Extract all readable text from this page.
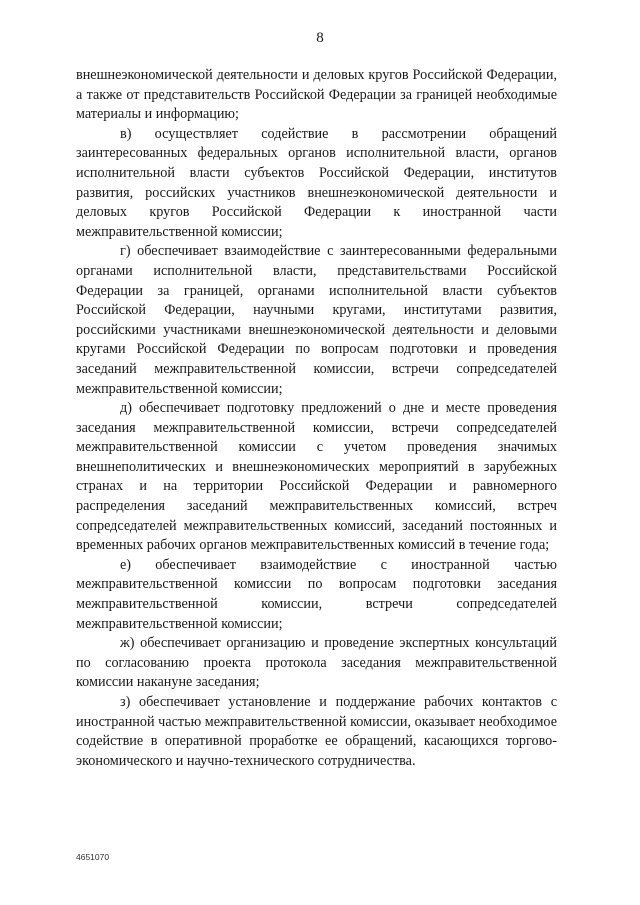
8

внешнеэкономической деятельности и деловых кругов Российской Федерации, а также от представительств Российской Федерации за границей необходимые материалы и информацию;

в) осуществляет содействие в рассмотрении обращений заинтересованных федеральных органов исполнительной власти, органов исполнительной власти субъектов Российской Федерации, институтов развития, российских участников внешнеэкономической деятельности и деловых кругов Российской Федерации к иностранной части межправительственной комиссии;

г) обеспечивает взаимодействие с заинтересованными федеральными органами исполнительной власти, представительствами Российской Федерации за границей, органами исполнительной власти субъектов Российской Федерации, научными кругами, институтами развития, российскими участниками внешнеэкономической деятельности и деловыми кругами Российской Федерации по вопросам подготовки и проведения заседаний межправительственной комиссии, встречи сопредседателей межправительственной комиссии;

д) обеспечивает подготовку предложений о дне и месте проведения заседания межправительственной комиссии, встречи сопредседателей межправительственной комиссии с учетом проведения значимых внешнеполитических и внешнеэкономических мероприятий в зарубежных странах и на территории Российской Федерации и равномерного распределения заседаний межправительственных комиссий, встреч сопредседателей межправительственных комиссий, заседаний постоянных и временных рабочих органов межправительственных комиссий в течение года;

е) обеспечивает взаимодействие с иностранной частью межправительственной комиссии по вопросам подготовки заседания межправительственной комиссии, встречи сопредседателей межправительственной комиссии;

ж) обеспечивает организацию и проведение экспертных консультаций по согласованию проекта протокола заседания межправительственной комиссии накануне заседания;

з) обеспечивает установление и поддержание рабочих контактов с иностранной частью межправительственной комиссии, оказывает необходимое содействие в оперативной проработке ее обращений, касающихся торгово-экономического и научно-технического сотрудничества.

4651070
